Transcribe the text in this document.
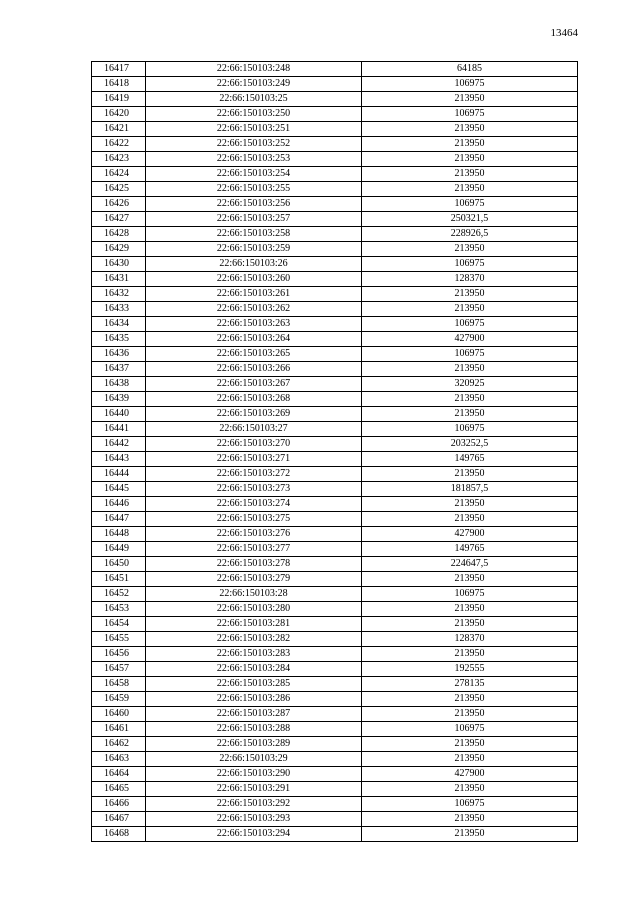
13464
16417	22:66:150103:248	64185
16418	22:66:150103:249	106975
16419	22:66:150103:25	213950
16420	22:66:150103:250	106975
16421	22:66:150103:251	213950
16422	22:66:150103:252	213950
16423	22:66:150103:253	213950
16424	22:66:150103:254	213950
16425	22:66:150103:255	213950
16426	22:66:150103:256	106975
16427	22:66:150103:257	250321,5
16428	22:66:150103:258	228926,5
16429	22:66:150103:259	213950
16430	22:66:150103:26	106975
16431	22:66:150103:260	128370
16432	22:66:150103:261	213950
16433	22:66:150103:262	213950
16434	22:66:150103:263	106975
16435	22:66:150103:264	427900
16436	22:66:150103:265	106975
16437	22:66:150103:266	213950
16438	22:66:150103:267	320925
16439	22:66:150103:268	213950
16440	22:66:150103:269	213950
16441	22:66:150103:27	106975
16442	22:66:150103:270	203252,5
16443	22:66:150103:271	149765
16444	22:66:150103:272	213950
16445	22:66:150103:273	181857,5
16446	22:66:150103:274	213950
16447	22:66:150103:275	213950
16448	22:66:150103:276	427900
16449	22:66:150103:277	149765
16450	22:66:150103:278	224647,5
16451	22:66:150103:279	213950
16452	22:66:150103:28	106975
16453	22:66:150103:280	213950
16454	22:66:150103:281	213950
16455	22:66:150103:282	128370
16456	22:66:150103:283	213950
16457	22:66:150103:284	192555
16458	22:66:150103:285	278135
16459	22:66:150103:286	213950
16460	22:66:150103:287	213950
16461	22:66:150103:288	106975
16462	22:66:150103:289	213950
16463	22:66:150103:29	213950
16464	22:66:150103:290	427900
16465	22:66:150103:291	213950
16466	22:66:150103:292	106975
16467	22:66:150103:293	213950
16468	22:66:150103:294	213950
